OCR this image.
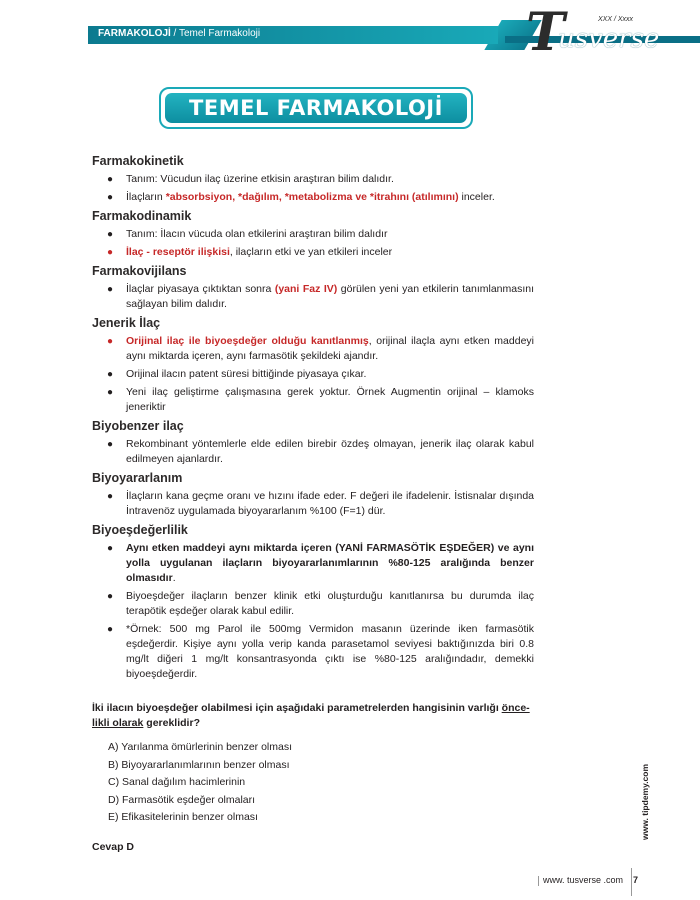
FARMAKOLOJİ / Temel Farmakoloji	T	XXX / Xxxx
usverse
TEMEL FARMAKOLOJİ
Farmakokinetik
● Tanım: Vücudun ilaç üzerine etkisin araştıran bilim dalıdır.
● İlaçların *absorbsiyon, *dağılım, *metabolizma ve *itrahını (atılımını) inceler.
Farmakodinamik
● Tanım: İlacın vücuda olan etkilerini araştıran bilim dalıdır
● İlaç - reseptör ilişkisi, ilaçların etki ve yan etkileri inceler
Farmakovijilans
● İlaçlar piyasaya çıktıktan sonra (yani Faz IV) görülen yeni yan etkilerin tanımlanmasını sağlayan bilim dalıdır.
Jenerik İlaç
● Orijinal ilaç ile biyoeşdeğer olduğu kanıtlanmış, orijinal ilaçla aynı etken maddeyi aynı miktarda içeren, aynı farmasötik şekildeki ajandır.
● Orijinal ilacın patent süresi bittiğinde piyasaya çıkar.
● Yeni ilaç geliştirme çalışmasına gerek yoktur. Örnek Augmentin orijinal – klamoks jeneriktir
Biyobenzer ilaç
● Rekombinant yöntemlerle elde edilen birebir özdeş olmayan, jenerik ilaç olarak kabul edilmeyen ajanlardır.
Biyoyararlanım
● İlaçların kana geçme oranı ve hızını ifade eder. F değeri ile ifadelenir. İstisnalar dışında İntravenöz uygulamada biyoyararlanım %100 (F=1) dür.
Biyoeşdeğerlilik
● Aynı etken maddeyi aynı miktarda içeren (YANİ FARMASÖTİK EŞDEĞER) ve aynı yolla uygulanan ilaçların biyoyararlanımlarının %80-125 aralığında benzer olmasıdır.
● Biyoeşdeğer ilaçların benzer klinik etki oluşturduğu kanıtlanırsa bu durumda ilaç terapötik eşdeğer olarak kabul edilir.
● *Örnek: 500 mg Parol ile 500mg Vermidon masanın üzerinde iken farmasötik eşdeğerdir. Kişiye aynı yolla verip kanda parasetamol seviyesi baktığınızda biri 0.8 mg/lt diğeri 1 mg/lt konsantrasyonda çıktı ise %80-125 aralığındadır, demekki biyoeşdeğerdir.
İki ilacın biyoeşdeğer olabilmesi için aşağıdaki parametrelerden hangisinin varlığı önce-likli olarak gereklidir?
A) Yarılanma ömürlerinin benzer olması
B) Biyoyararlanımlarının benzer olması
C) Sanal dağılım hacimlerinin
D) Farmasötik eşdeğer olmaları
E) Efikasitelerinin benzer olması
Cevap D
www. tipdemy.com
www. tusverse .com 7
